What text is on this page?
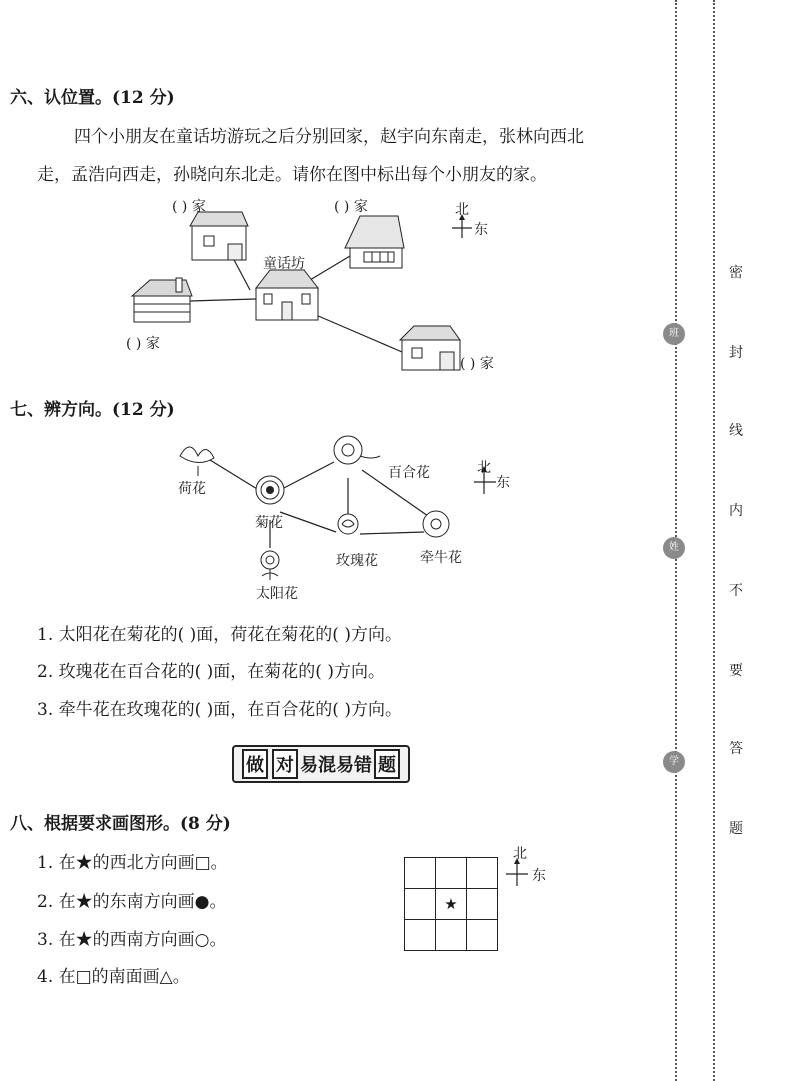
密
封
线
内
不
要
答
题
班
姓
学
六、认位置。(12 分)
四个小朋友在童话坊游玩之后分别回家，赵宇向东南走，张林向西北
走，孟浩向西走，孙晓向东北走。请你在图中标出每个小朋友的家。
( ) 家	( ) 家
童话坊
( ) 家
( ) 家
北
东
七、辨方向。(12 分)
荷花
百合花
菊花
玫瑰花	牵牛花
太阳花
北
东
1. 太阳花在菊花的( )面，荷花在菊花的( )方向。
2. 玫瑰花在百合花的( )面，在菊花的( )方向。
3. 牵牛花在玫瑰花的( )面，在百合花的( )方向。
做 对 易混易错 题
八、根据要求画图形。(8 分)
1. 在★的西北方向画□。
2. 在★的东南方向画●。
3. 在★的西南方向画○。
4. 在□的南面画△。

	★	

北
东
